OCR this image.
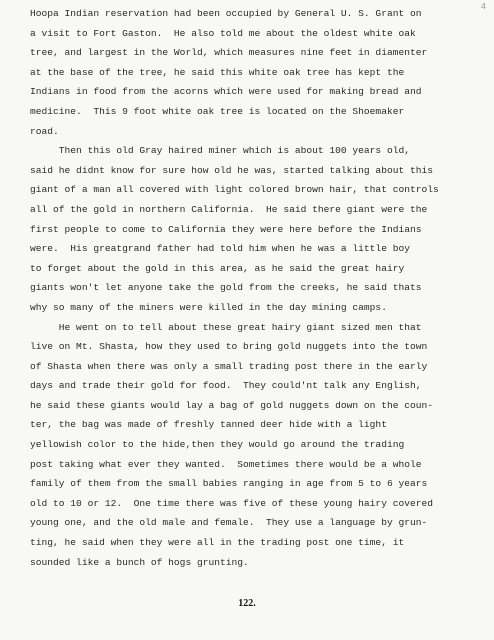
4
Hoopa Indian reservation had been occupied by General U. S. Grant on
a visit to Fort Gaston.  He also told me about the oldest white oak
tree, and largest in the World, which measures nine feet in diamenter
at the base of the tree, he said this white oak tree has kept the
Indians in food from the acorns which were used for making bread and
medicine.  This 9 foot white oak tree is located on the Shoemaker
road.
Then this old Gray haired miner which is about 100 years old,
said he didnt know for sure how old he was, started talking about this
giant of a man all covered with light colored brown hair, that controls
all of the gold in northern California.  He said there giant were the
first people to come to California they were here before the Indians
were.  His greatgrand father had told him when he was a little boy
to forget about the gold in this area, as he said the great hairy
giants won't let anyone take the gold from the creeks, he said thats
why so many of the miners were killed in the day mining camps.
He went on to tell about these great hairy giant sized men that
live on Mt. Shasta, how they used to bring gold nuggets into the town
of Shasta when there was only a small trading post there in the early
days and trade their gold for food.  They could'nt talk any English,
he said these giants would lay a bag of gold nuggets down on the coun-
ter, the bag was made of freshly tanned deer hide with a light
yellowish color to the hide,then they would go around the trading
post taking what ever they wanted.  Sometimes there would be a whole
family of them from the small babies ranging in age from 5 to 6 years
old to 10 or 12.  One time there was five of these young hairy covered
young one, and the old male and female.  They use a language by grun-
ting, he said when they were all in the trading post one time, it
sounded like a bunch of hogs grunting.
122.
